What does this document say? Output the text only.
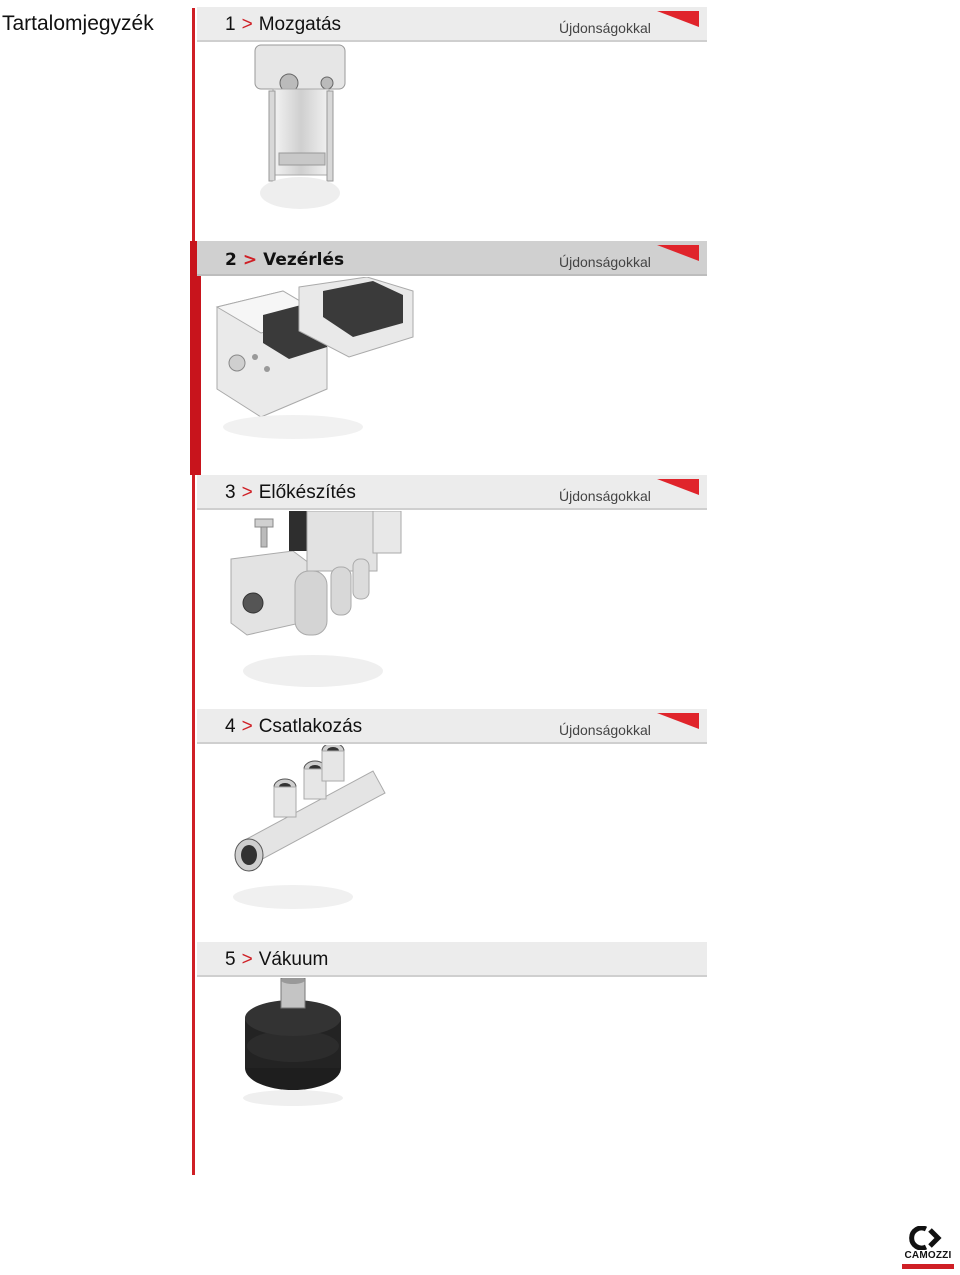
Tartalomjegyzék	1 > Mozgatás	Újdonságokkal
2 > Vezérlés	Újdonságokkal
3 > Előkészítés	Újdonságokkal
4 > Csatlakozás	Újdonságokkal
5 > Vákuum
CAMOZZI
